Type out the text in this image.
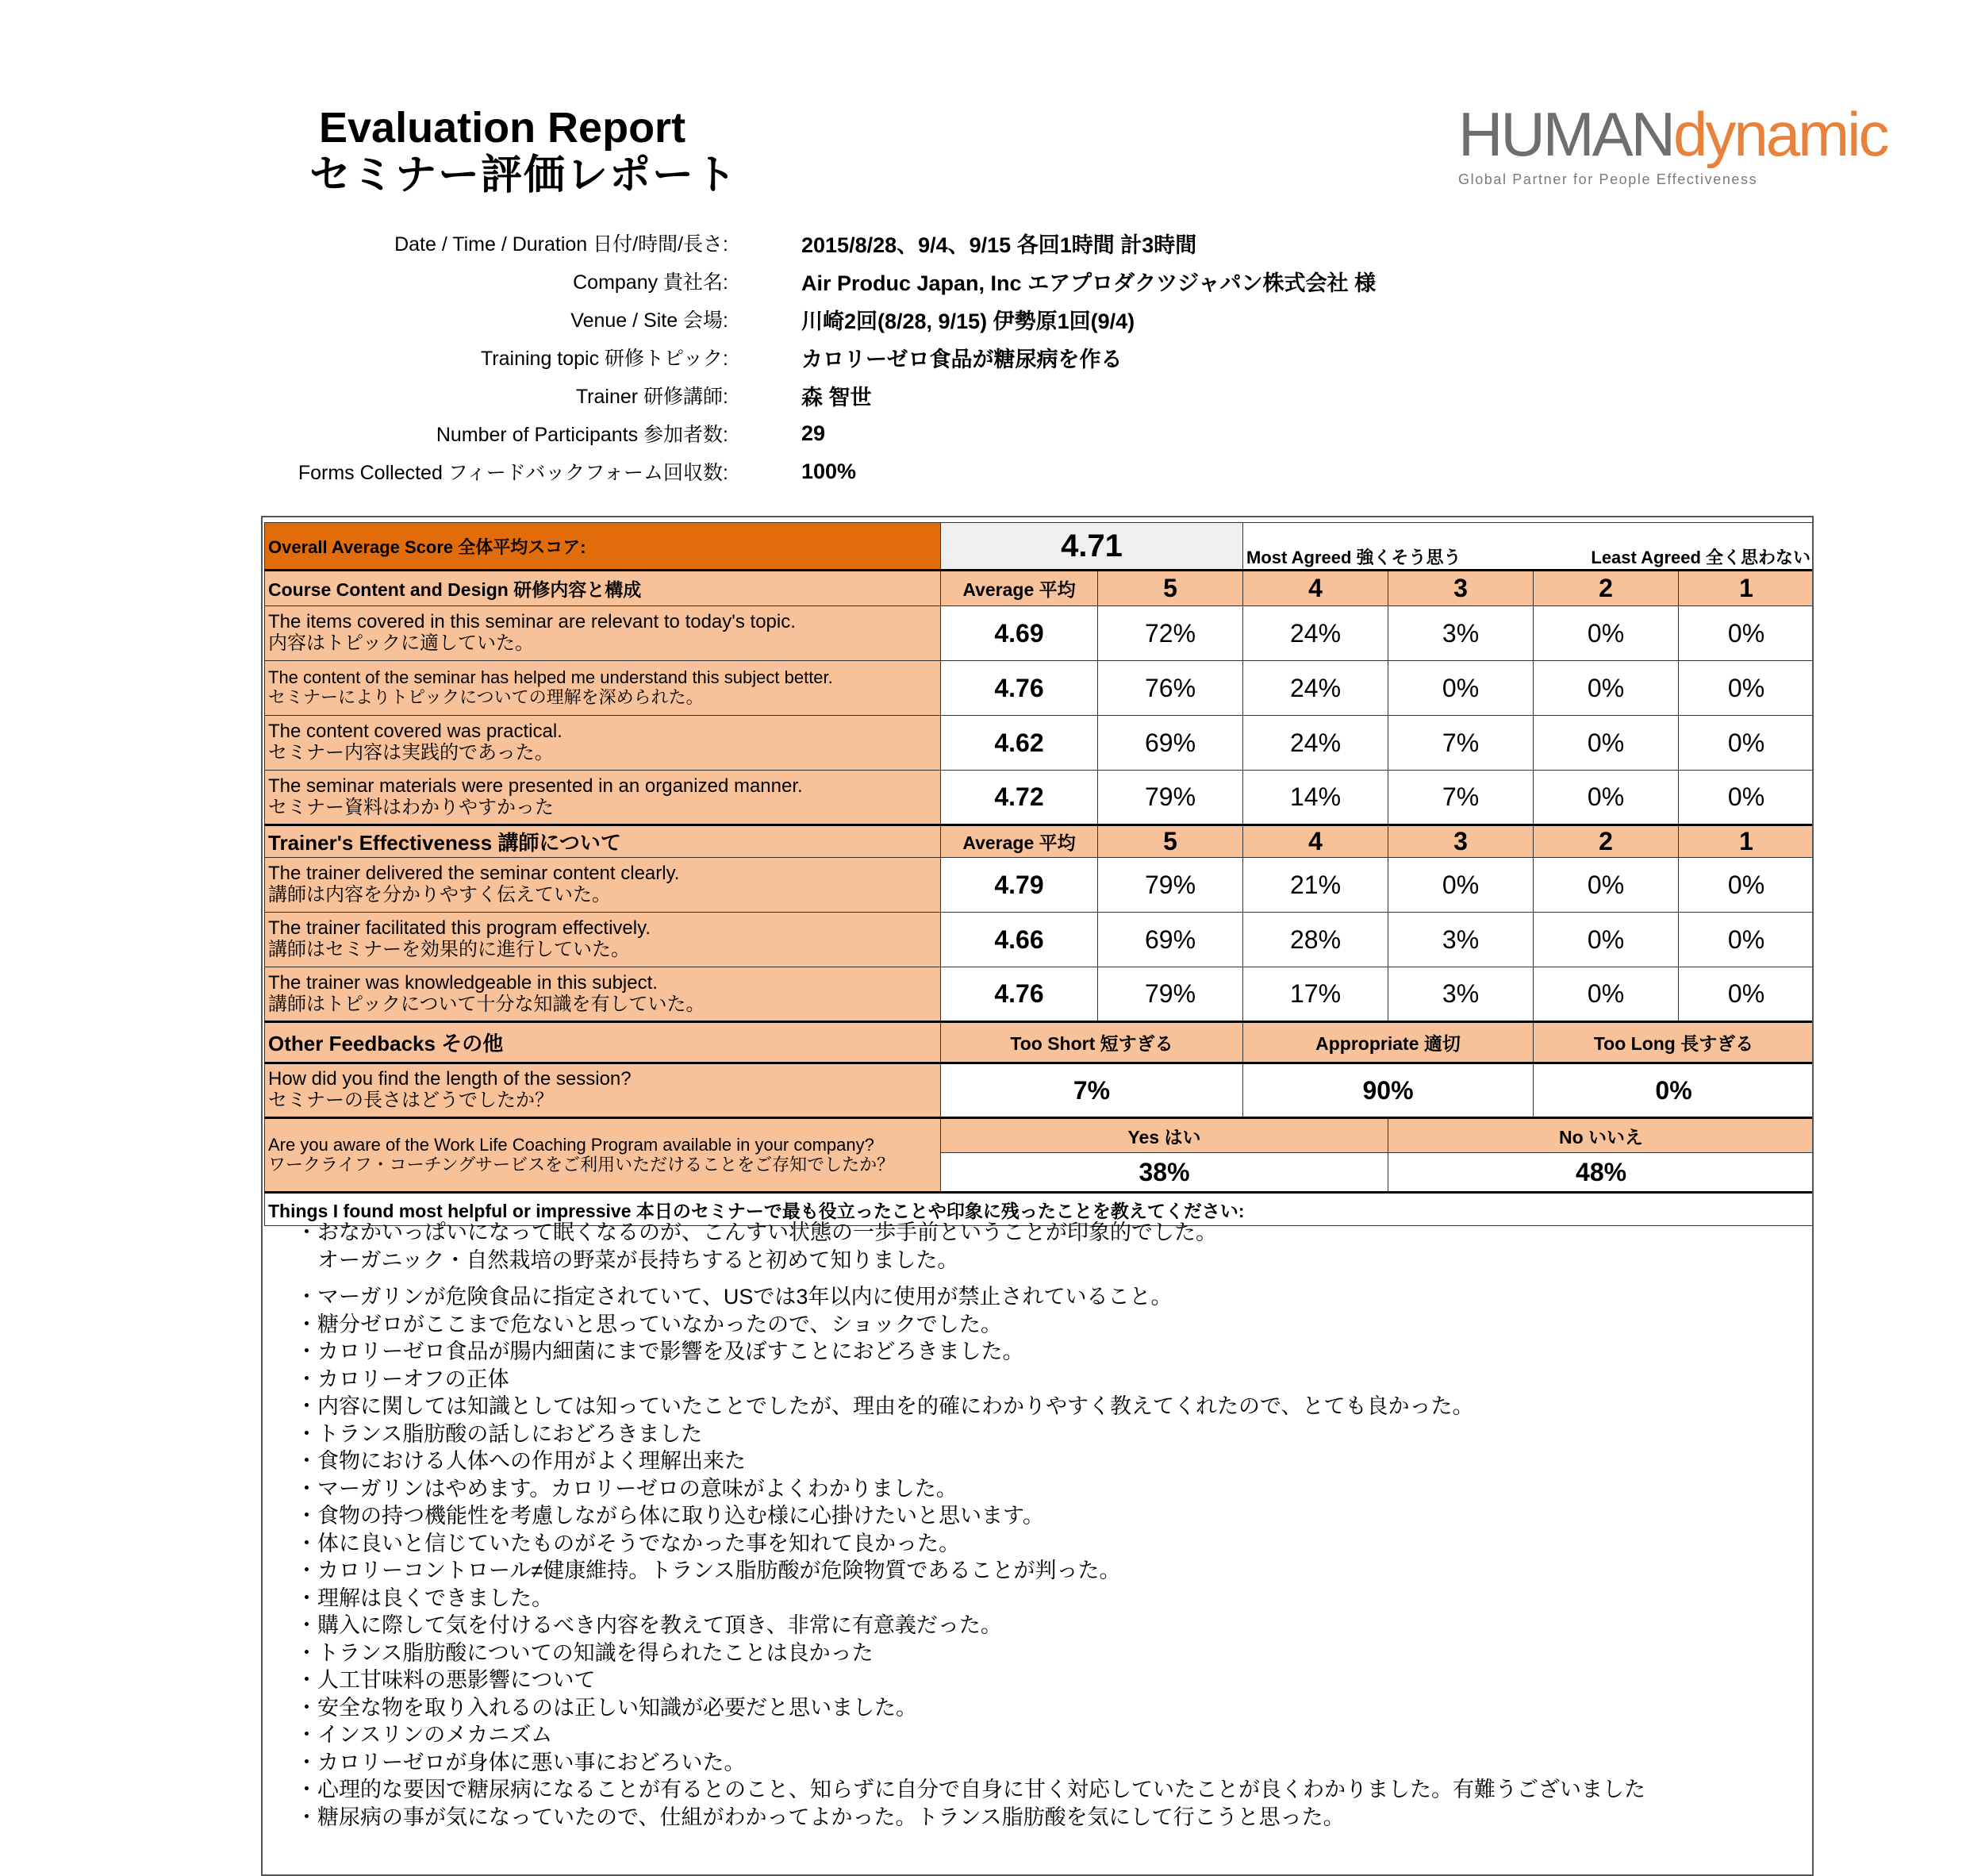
Evaluation Report
セミナー評価レポート
HUMANdynamic
Global Partner for People Effectiveness
Date / Time / Duration 日付/時間/長さ:	2015/8/28、9/4、9/15 各回1時間 計3時間
Company 貴社名:	Air Produc Japan, Inc エアプロダクツジャパン株式会社 様
Venue / Site 会場:	川崎2回(8/28, 9/15) 伊勢原1回(9/4)
Training topic 研修トピック:	カロリーゼロ食品が糖尿病を作る
Trainer 研修講師:	森 智世
Number of Participants 参加者数:	29
Forms Collected フィードバックフォーム回収数:	100%
Overall Average Score 全体平均スコア:	4.71		Most Agreed 強くそう思う Least Agreed 全く思わない			

Course Content and Design 研修内容と構成	Average 平均	5	4	3	2	1

The items covered in this seminar are relevant to today's topic.
内容はトピックに適していた。	4.69	72%	24%	3%	0%	0%

The content of the seminar has helped me understand this subject better.
セミナーによりトピックについての理解を深められた。	4.76	76%	24%	0%	0%	0%

The content covered was practical.
セミナー内容は実践的であった。	4.62	69%	24%	7%	0%	0%

The seminar materials were presented in an organized manner.
セミナー資料はわかりやすかった	4.72	79%	14%	7%	0%	0%
Trainer's Effectiveness 講師について	Average 平均	5	4	3	2	1

The trainer delivered the seminar content clearly.
講師は内容を分かりやすく伝えていた。	4.79	79%	21%	0%	0%	0%

The trainer facilitated this program effectively.
講師はセミナーを効果的に進行していた。	4.66	69%	28%	3%	0%	0%

The trainer was knowledgeable in this subject.
講師はトピックについて十分な知識を有していた。	4.76	79%	17%	3%	0%	0%
Other Feedbacks その他	Too Short 短すぎる		Appropriate 適切		Too Long 長すぎる	

How did you find the length of the session?
セミナーの長さはどうでしたか？	7%		90%		0%	

Are you aware of the Work Life Coaching Program available in your company?
ワークライフ・コーチングサービスをご利用いただけることをご存知でしたか？	Yes はい			No いいえ		
	38%			48%		
Things I found most helpful or impressive 本日のセミナーで最も役立ったことや印象に残ったことを教えてください:						
・おなかいっぱいになって眠くなるのが、こんすい状態の一歩手前ということが印象的でした。
　オーガニック・自然栽培の野菜が長持ちすると初めて知りました。
・マーガリンが危険食品に指定されていて、USでは3年以内に使用が禁止されていること。
・糖分ゼロがここまで危ないと思っていなかったので、ショックでした。
・カロリーゼロ食品が腸内細菌にまで影響を及ぼすことにおどろきました。
・カロリーオフの正体
・内容に関しては知識としては知っていたことでしたが、理由を的確にわかりやすく教えてくれたので、とても良かった。
・トランス脂肪酸の話しにおどろきました
・食物における人体への作用がよく理解出来た
・マーガリンはやめます。カロリーゼロの意味がよくわかりました。
・食物の持つ機能性を考慮しながら体に取り込む様に心掛けたいと思います。
・体に良いと信じていたものがそうでなかった事を知れて良かった。
・カロリーコントロール≠健康維持。トランス脂肪酸が危険物質であることが判った。
・理解は良くできました。
・購入に際して気を付けるべき内容を教えて頂き、非常に有意義だった。
・トランス脂肪酸についての知識を得られたことは良かった
・人工甘味料の悪影響について
・安全な物を取り入れるのは正しい知識が必要だと思いました。
・インスリンのメカニズム
・カロリーゼロが身体に悪い事におどろいた。
・心理的な要因で糖尿病になることが有るとのこと、知らずに自分で自身に甘く対応していたことが良くわかりました。有難うございました
・糖尿病の事が気になっていたので、仕組がわかってよかった。トランス脂肪酸を気にして行こうと思った。
